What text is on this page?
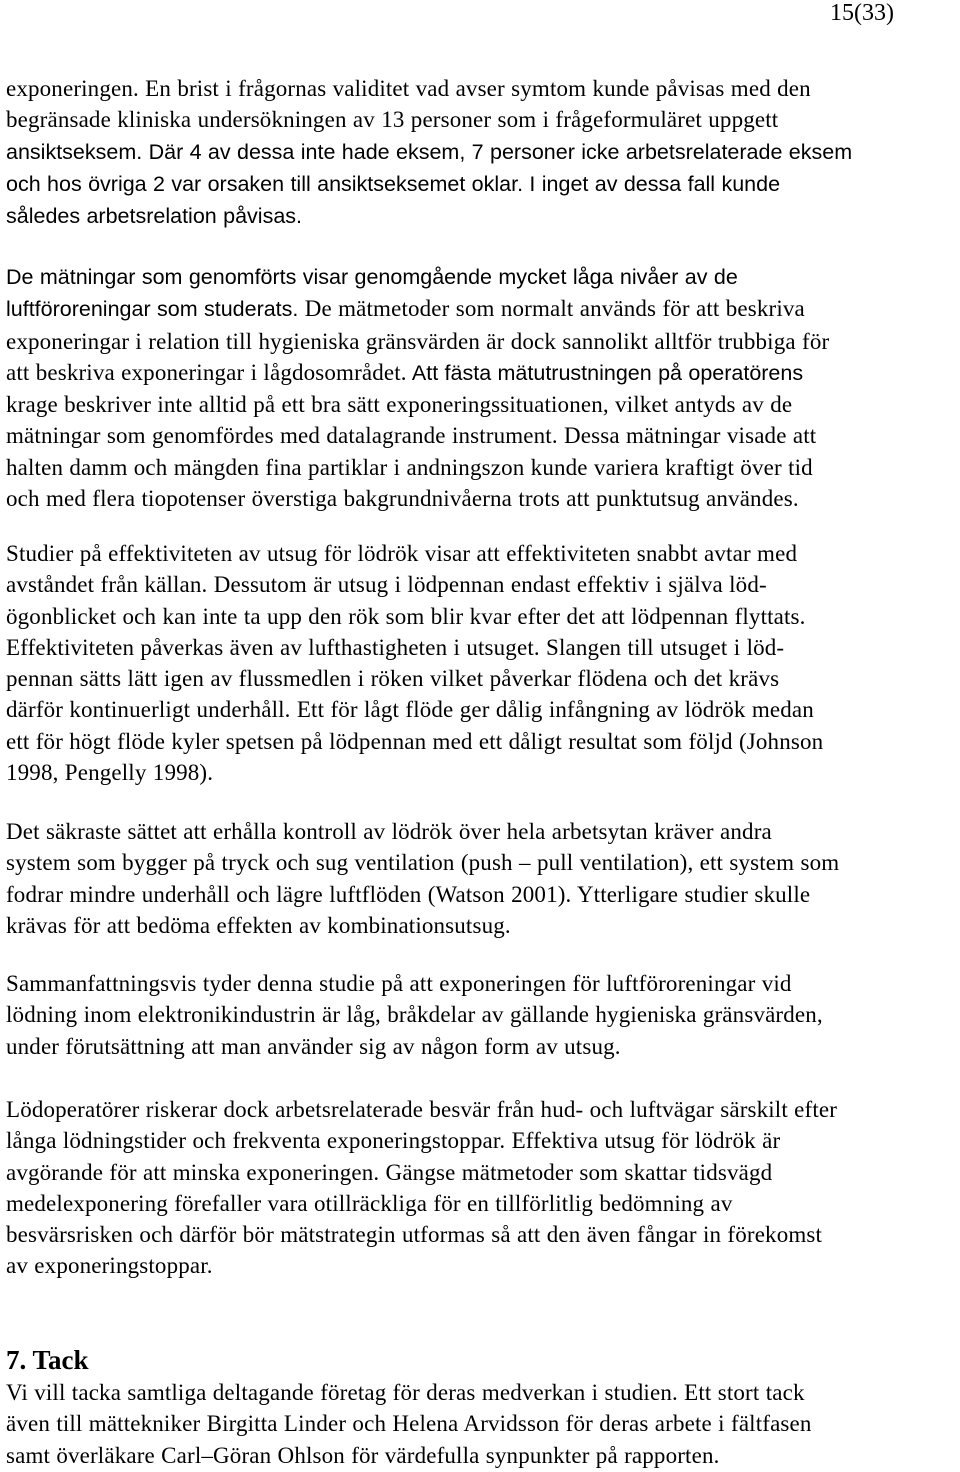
15(33)

exponeringen. En brist i frågornas validitet vad avser symtom kunde påvisas med den
begränsade kliniska undersökningen av 13 personer som i frågeformuläret uppgett
ansiktseksem. Där 4 av dessa inte hade eksem, 7 personer icke arbetsrelaterade eksem
och hos övriga 2 var orsaken till ansiktseksemet oklar. I inget av dessa fall kunde
således arbetsrelation påvisas.

De mätningar som genomförts visar genomgående mycket låga nivåer av de
luftföroreningar som studerats. De mätmetoder som normalt används för att beskriva
exponeringar i relation till hygieniska gränsvärden är dock sannolikt alltför trubbiga för
att beskriva exponeringar i lågdosområdet. Att fästa mätutrustningen på operatörens
krage beskriver inte alltid på ett bra sätt exponeringssituationen, vilket antyds av de
mätningar som genomfördes med datalagrande instrument. Dessa mätningar visade att
halten damm och mängden fina partiklar i andningszon kunde variera kraftigt över tid
och med flera tiopotenser överstiga bakgrundnivåerna trots att punktutsug användes.

Studier på effektiviteten av utsug för lödrök visar att effektiviteten snabbt avtar med
avståndet från källan. Dessutom är utsug i lödpennan endast effektiv i själva löd-
ögonblicket och kan inte ta upp den rök som blir kvar efter det att lödpennan flyttats.
Effektiviteten påverkas även av lufthastigheten i utsuget. Slangen till utsuget i löd-
pennan sätts lätt igen av flussmedlen i röken vilket påverkar flödena och det krävs
därför kontinuerligt underhåll. Ett för lågt flöde ger dålig infångning av lödrök medan
ett för högt flöde kyler spetsen på lödpennan med ett dåligt resultat som följd (Johnson
1998, Pengelly 1998).

Det säkraste sättet att erhålla kontroll av lödrök över hela arbetsytan kräver andra
system som bygger på tryck och sug ventilation (push – pull ventilation), ett system som
fodrar mindre underhåll och lägre luftflöden (Watson 2001). Ytterligare studier skulle
krävas för att bedöma effekten av kombinationsutsug.

Sammanfattningsvis tyder denna studie på att exponeringen för luftföroreningar vid
lödning inom elektronikindustrin är låg, bråkdelar av gällande hygieniska gränsvärden,
under förutsättning att man använder sig av någon form av utsug.

Lödoperatörer riskerar dock arbetsrelaterade besvär från hud- och luftvägar särskilt efter
långa lödningstider och frekventa exponeringstoppar. Effektiva utsug för lödrök är
avgörande för att minska exponeringen. Gängse mätmetoder som skattar tidsvägd
medelexponering förefaller vara otillräckliga för en tillförlitlig bedömning av
besvärsrisken och därför bör mätstrategin utformas så att den även fångar in förekomst
av exponeringstoppar.

7. Tack

Vi vill tacka samtliga deltagande företag för deras medverkan i studien. Ett stort tack
även till mättekniker Birgitta Linder och Helena Arvidsson för deras arbete i fältfasen
samt överläkare Carl–Göran Ohlson för värdefulla synpunkter på rapporten.
